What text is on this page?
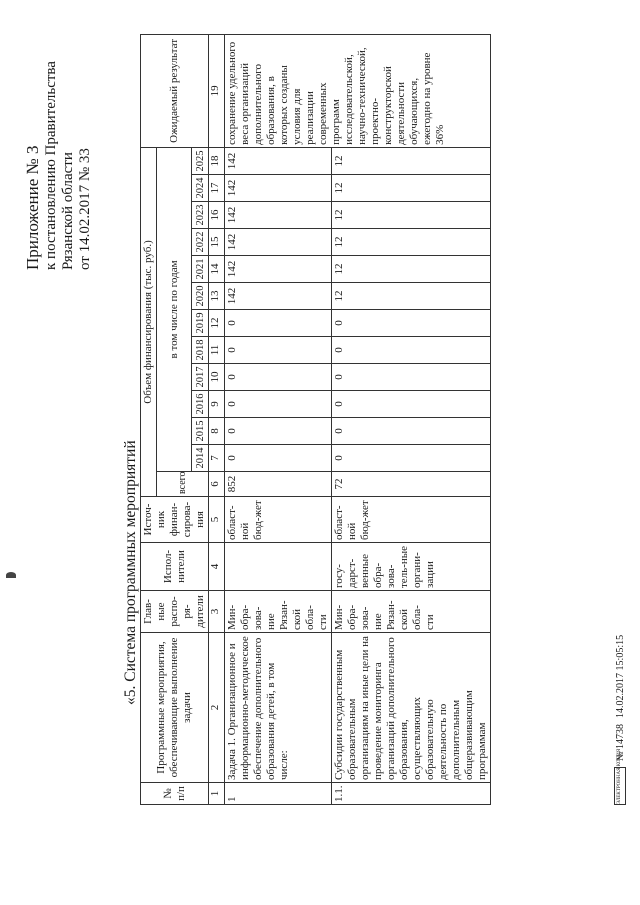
Приложение № 3 к постановлению Правительства Рязанской области от 14.02.2017 № 33
«5. Система программных мероприятий
№ п/п	Программные мероприятия, обеспечивающие выполнение задачи	Глав-ные распо-ря-дители	Испол-нители	Источ-ник финан-сирова-ния	Объем финансирования (тыс. руб.)													Ожидаемый результат
					всего	в том числе по годам												
						2014	2015	2016	2017	2018	2019	2020	2021	2022	2023	2024	2025	
1	2	3	4	5	6	7	8	9	10	11	12	13	14	15	16	17	18	19
1	Задача 1. Организационное и информационно-методическое обеспечение дополнительного образования детей, в том числе:	Мин-обра-зова-ние Рязан-ской обла-сти		област-ной бюд-жет	852	0	0	0	0	0	0	142	142	142	142	142	142	сохранение удельного веса организаций дополнительного образования, в которых созданы условия для реализации современных программ исследовательской, научно-технической, проектно-конструкторской деятельности обучающихся, ежегодно на уровне 36%
1.1.	Субсидии государственным образовательным организациям на иные цели на проведение мониторинга организаций дополнительного образования, осуществляющих образовательную деятельность по дополнительным общеразвивающим программам	Мин-обра-зова-ние Рязан-ской обла-сти	госу-дарст-венные обра-зова-тель-ные органи-зации	област-ной бюд-жет	72	0	0	0	0	0	0	12	12	12	12	12	12	
ЭЛЕКТРОННАЯ КОПИЯ
№ 14738
14.02.2017 15:05:15
